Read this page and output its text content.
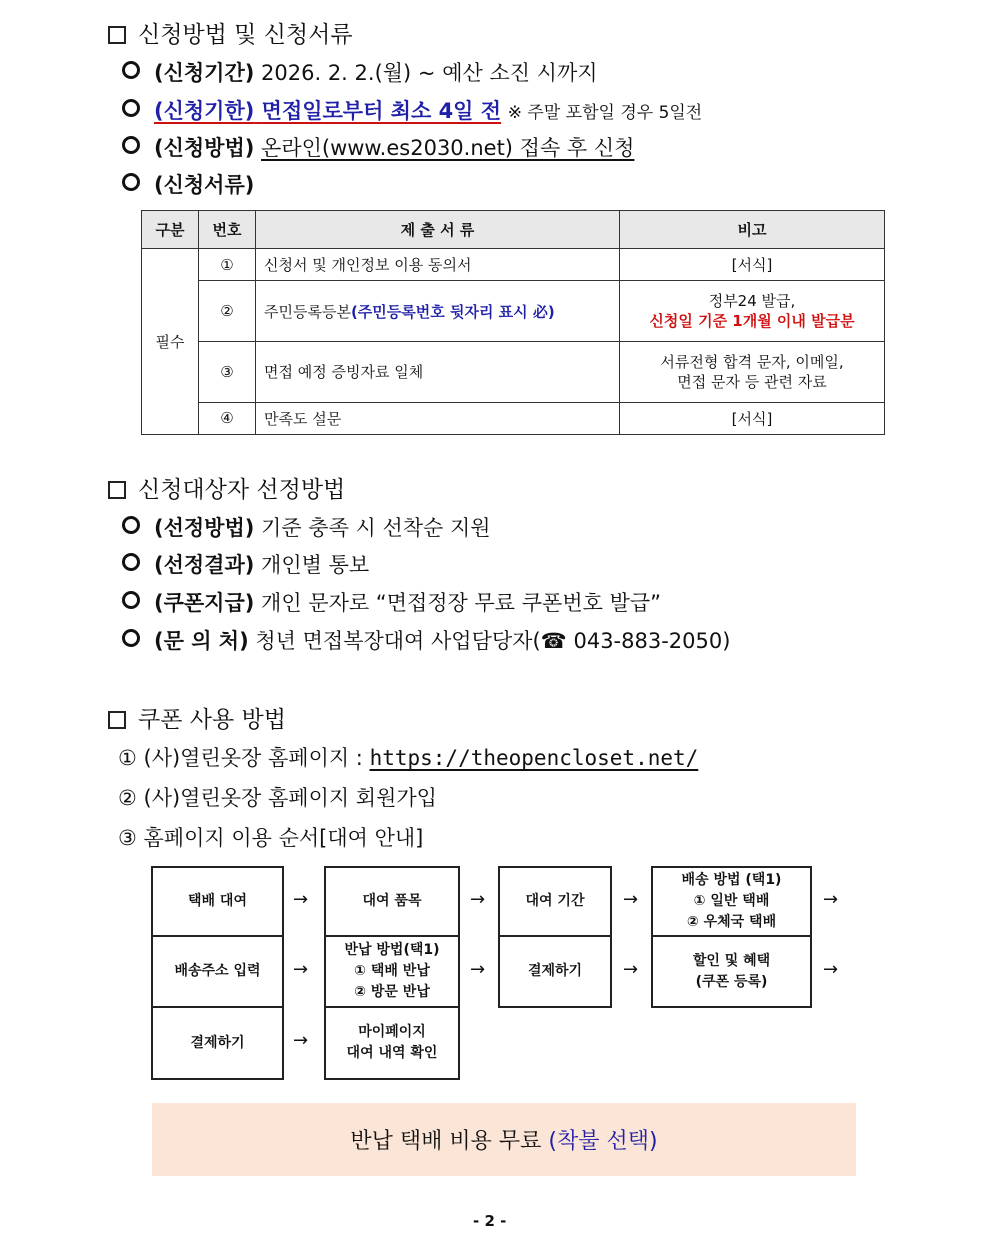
신청방법 및 신청서류
(신청기간) 2026. 2. 2.(월) ~ 예산 소진 시까지
(신청기한) 면접일로부터 최소 4일 전 ※ 주말 포함일 경우 5일전
(신청방법) 온라인(www.es2030.net) 접속 후 신청
(신청서류)
구분	번호	제 출 서 류	비고
필수	①	신청서 및 개인정보 이용 동의서	[서식]
	②	주민등록등본(주민등록번호 뒷자리 표시 必)	정부24 발급,
신청일 기준 1개월 이내 발급분

	③	면접 예정 증빙자료 일체	서류전형 합격 문자, 이메일,
면접 문자 등 관련 자료

	④	만족도 설문	[서식]
신청대상자 선정방법
(선정방법) 기준 충족 시 선착순 지원
(선정결과) 개인별 통보
(쿠폰지급) 개인 문자로 “면접정장 무료 쿠폰번호 발급”
(문 의 처) 청년 면접복장대여 사업담당자(☎ 043-883-2050)
쿠폰 사용 방법
① (사)열린옷장 홈페이지 : https://theopencloset.net/
② (사)열린옷장 홈페이지 회원가입
③ 홈페이지 이용 순서[대여 안내]
택배 대여	대여 품목	대여 기간
배송 방법 (택1)
① 일반 택배
② 우체국 택배
배송주소 입력
반납 방법(택1)
① 택배 반납
② 방문 반납
결제하기
할인 및 혜택
(쿠폰 등록)
결제하기
마이페이지
대여 내역 확인
→	→	→	→
→	→	→	→
→
반납 택배 비용 무료
(착불 선택)
- 2 -
